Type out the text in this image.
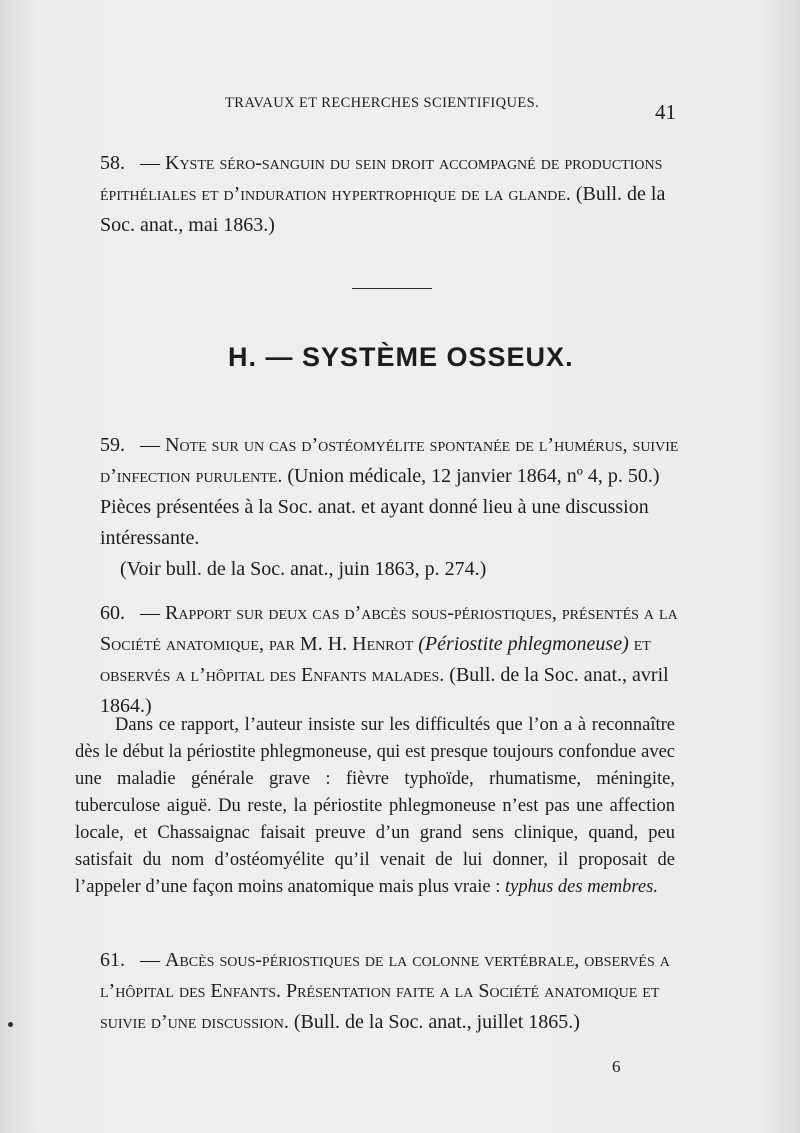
TRAVAUX ET RECHERCHES SCIENTIFIQUES.	41
58. — Kyste séro-sanguin du sein droit accompagné de productions épithéliales et d’induration hypertrophique de la glande. (Bull. de la Soc. anat., mai 1863.)
H. — SYSTÈME OSSEUX.
59. — Note sur un cas d’ostéomyélite spontanée de l’humérus, suivie d’infection purulente. (Union médicale, 12 janvier 1864, nº 4, p. 50.) Pièces présentées à la Soc. anat. et ayant donné lieu à une discussion intéressante.
(Voir bull. de la Soc. anat., juin 1863, p. 274.)
60. — Rapport sur deux cas d’abcès sous-périostiques, présentés a la Société anatomique, par M. H. Henrot (Périostite phlegmoneuse) et observés a l’hôpital des Enfants malades. (Bull. de la Soc. anat., avril 1864.)
Dans ce rapport, l’auteur insiste sur les difficultés que l’on a à reconnaître dès le début la périostite phlegmoneuse, qui est presque toujours confondue avec une maladie générale grave : fièvre typhoïde, rhumatisme, méningite, tuberculose aiguë. Du reste, la périostite phlegmoneuse n’est pas une affection locale, et Chassaignac faisait preuve d’un grand sens clinique, quand, peu satisfait du nom d’ostéomyélite qu’il venait de lui donner, il proposait de l’appeler d’une façon moins anatomique mais plus vraie : typhus des membres.
61. — Abcès sous-périostiques de la colonne vertébrale, observés a l’hôpital des Enfants. Présentation faite a la Société anatomique et suivie d’une discussion. (Bull. de la Soc. anat., juillet 1865.)
6
